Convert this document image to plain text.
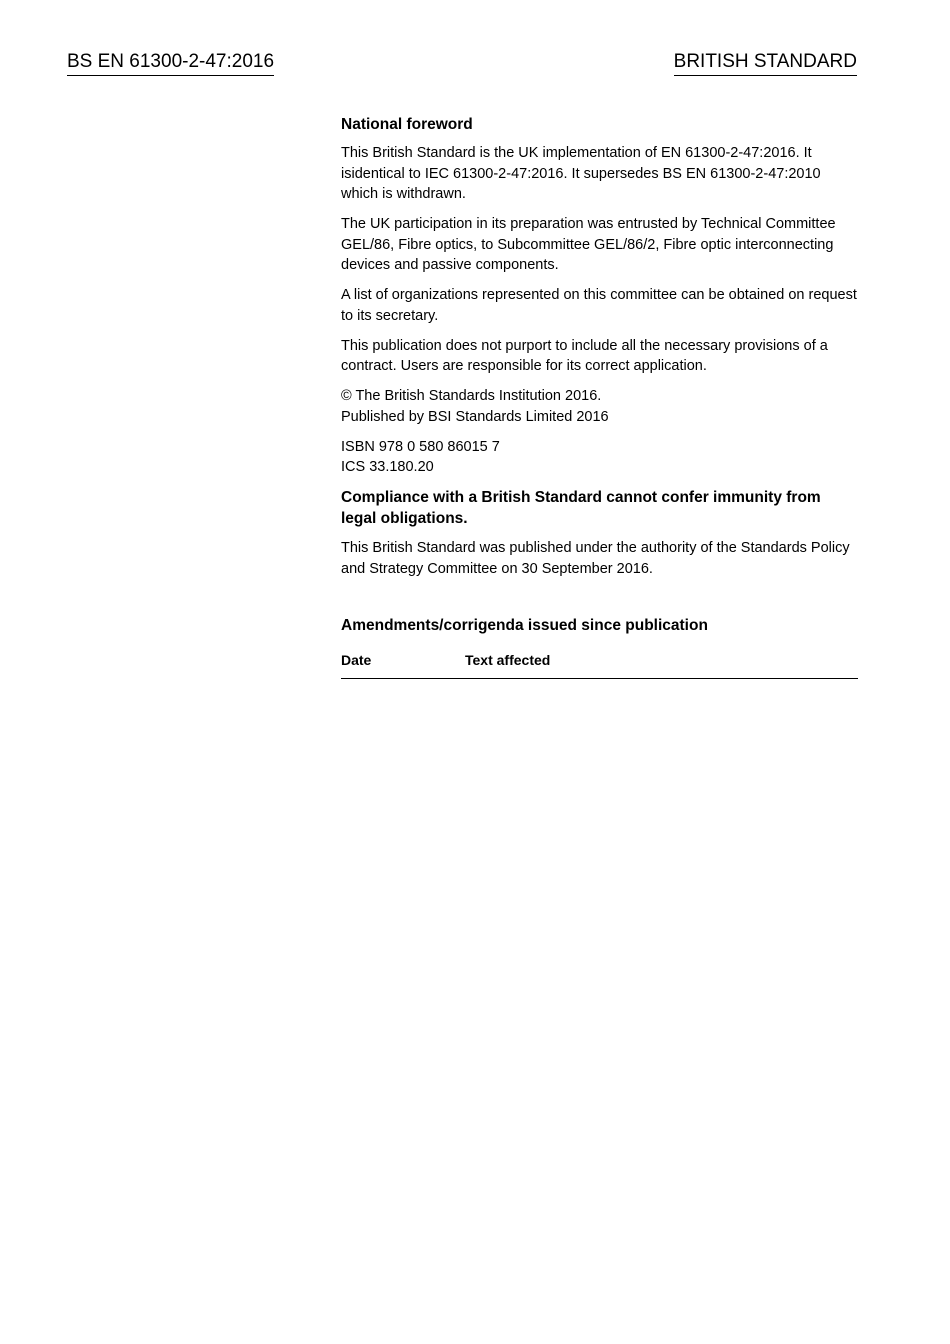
BS EN 61300-2-47:2016	BRITISH STANDARD
National foreword

This British Standard is the UK implementation of EN 61300-2-47:2016. It isidentical to IEC 61300-2-47:2016. It supersedes BS EN 61300-2-47:2010 which is withdrawn.

The UK participation in its preparation was entrusted by Technical Committee GEL/86, Fibre optics, to Subcommittee GEL/86/2, Fibre optic interconnecting devices and passive components.

A list of organizations represented on this committee can be obtained on request to its secretary.

This publication does not purport to include all the necessary provisions of a contract. Users are responsible for its correct application.

© The British Standards Institution 2016.
Published by BSI Standards Limited 2016

ISBN 978 0 580 86015 7
ICS 33.180.20

Compliance with a British Standard cannot confer immunity from legal obligations.

This British Standard was published under the authority of the Standards Policy and Strategy Committee on 30 September 2016.

Amendments/corrigenda issued since publication
Date	Text affected
